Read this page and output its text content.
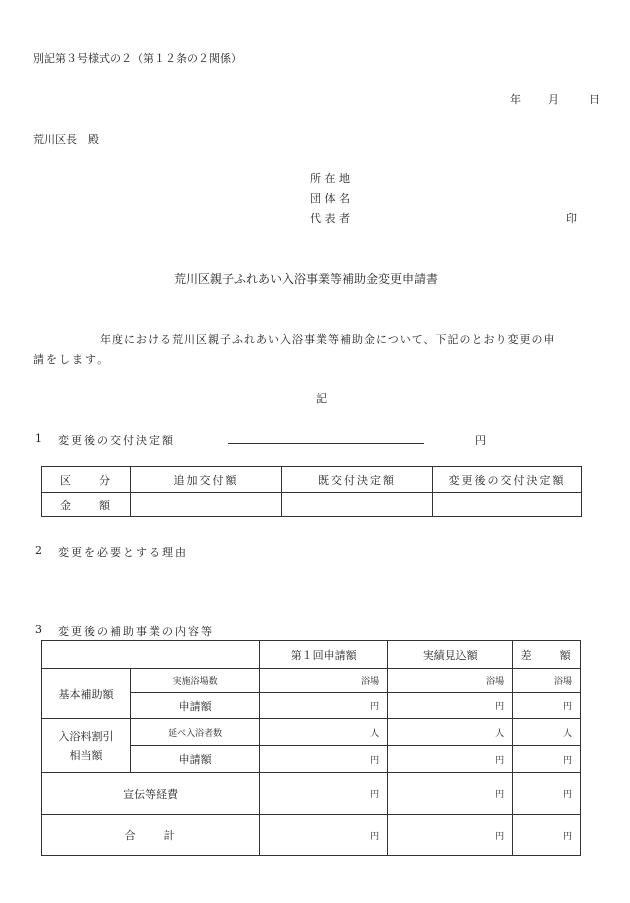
別記第３号様式の２（第１２条の２関係）
年 月	日
荒川区長　殿
所 在 地
団 体 名
代 表 者	印
荒川区親子ふれあい入浴事業等補助金変更申請書
年度における荒川区親子ふれあい入浴事業等補助金について、下記のとおり変更の申
請をします。
記
1 変更後の交付決定額	円
区　　分	追加交付額	既交付決定額	変更後の交付決定額
金　　額			
2 変更を必要とする理由
3 変更後の補助事業の内容等
		第１回申請額	実績見込額	差　　額
基本補助額	実施浴場数	浴場	浴場	浴場
	申請額	円	円	円

入浴料割引
相当額	延べ入浴者数	人	人	人
	申請額	円	円	円
宣伝等経費		円	円	円
合　　計		円	円	円
